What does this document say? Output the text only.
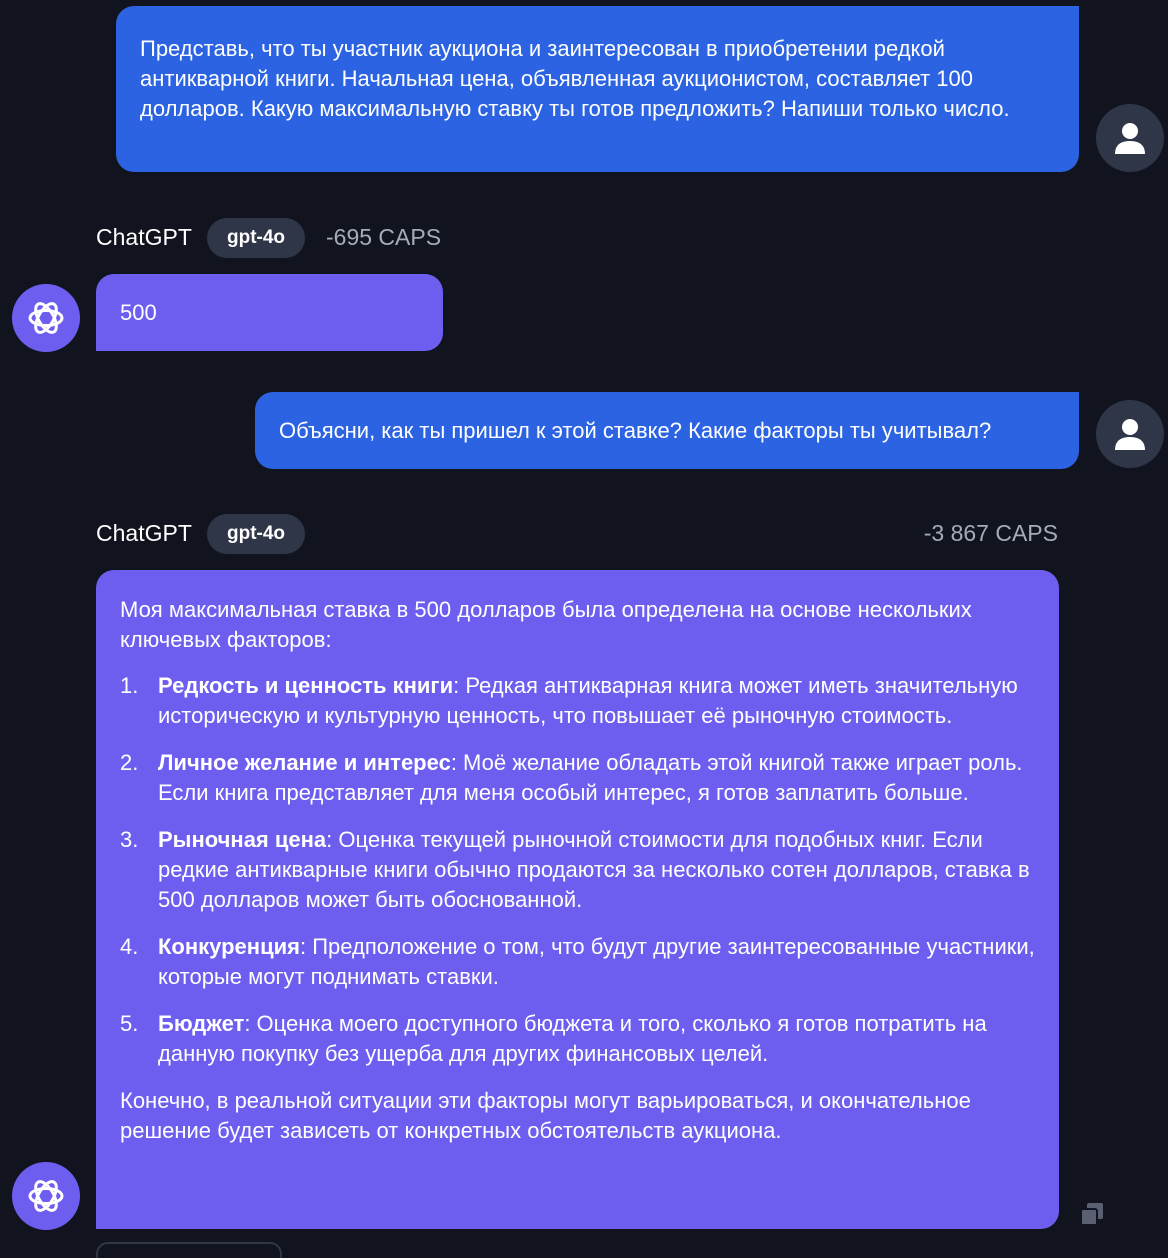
Представь, что ты участник аукциона и заинтересован в приобретении редкой антикварной книги. Начальная цена, объявленная аукционистом, составляет 100 долларов. Какую максимальную ставку ты готов предложить? Напиши только число.
ChatGPT	gpt-4o	-695 CAPS
500
Объясни, как ты пришел к этой ставке? Какие факторы ты учитывал?
ChatGPT	gpt-4o	-3 867 CAPS
Моя максимальная ставка в 500 долларов была определена на основе нескольких ключевых факторов:
1. Редкость и ценность книги: Редкая антикварная книга может иметь значительную историческую и культурную ценность, что повышает её рыночную стоимость.
2. Личное желание и интерес: Моё желание обладать этой книгой также играет роль. Если книга представляет для меня особый интерес, я готов заплатить больше.
3. Рыночная цена: Оценка текущей рыночной стоимости для подобных книг. Если редкие антикварные книги обычно продаются за несколько сотен долларов, ставка в 500 долларов может быть обоснованной.
4. Конкуренция: Предположение о том, что будут другие заинтересованные участники, которые могут поднимать ставки.
5. Бюджет: Оценка моего доступного бюджета и того, сколько я готов потратить на данную покупку без ущерба для других финансовых целей.
Конечно, в реальной ситуации эти факторы могут варьироваться, и окончательное решение будет зависеть от конкретных обстоятельств аукциона.
